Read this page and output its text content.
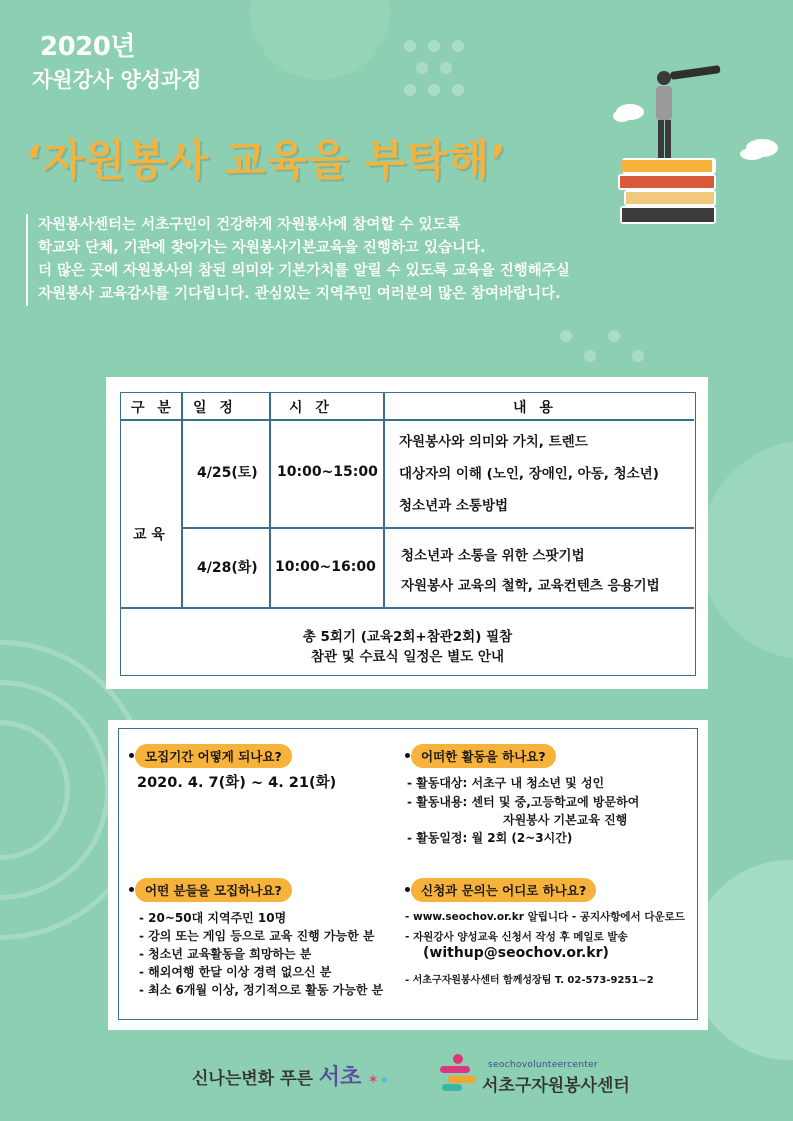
2020년
자원강사 양성과정
‘자원봉사 교육을 부탁해’

자원봉사센터는 서초구민이 건강하게 자원봉사에 참여할 수 있도록

학교와 단체, 기관에 찾아가는 자원봉사기본교육을 진행하고 있습니다.

더 많은 곳에 자원봉사의 참된 의미와 기본가치를 알릴 수 있도록 교육을 진행해주실

자원봉사 교육감사를 기다립니다. 관심있는 지역주민 여러분의 많은 참여바랍니다.

구 분 일 정	시 간	내 용
교 육
4/25(토) 10:00~15:00
자원봉사와 의미와 가치, 트렌드
대상자의 이해 (노인, 장애인, 아동, 청소년)
청소년과 소통방법
4/28(화) 10:00~16:00
청소년과 소통을 위한 스팟기법
자원봉사 교육의 철학, 교육컨텐츠 응용기법
총 5회기 (교육2회+참관2회) 필참
참관 및 수료식 일정은 별도 안내
모집기간 어떻게 되나요?
2020. 4. 7(화) ~ 4. 21(화)
어떠한 활동을 하나요?
- 활동대상: 서초구 내 청소년 및 성인
- 활동내용: 센터 및 중,고등학교에 방문하여
자원봉사 기본교육 진행
- 활동일정: 월 2회 (2~3시간)
어떤 분들을 모집하나요?
- 20~50대 지역주민 10명
- 강의 또는 게임 등으로 교육 진행 가능한 분
- 청소년 교육활동을 희망하는 분
- 해외여행 한달 이상 경력 없으신 분
- 최소 6개월 이상, 정기적으로 활동 가능한 분
신청과 문의는 어디로 하나요?
- www.seochov.or.kr 알립니다 - 공지사항에서 다운로드
- 자원강사 양성교육 신청서 작성 후 메일로 발송
(withup@seochov.or.kr)
- 서초구자원봉사센터 함께성장팀 T. 02-573-9251~2
신나는변화 푸른 서초 ✶✶
seochovolunteercenter
서초구자원봉사센터
